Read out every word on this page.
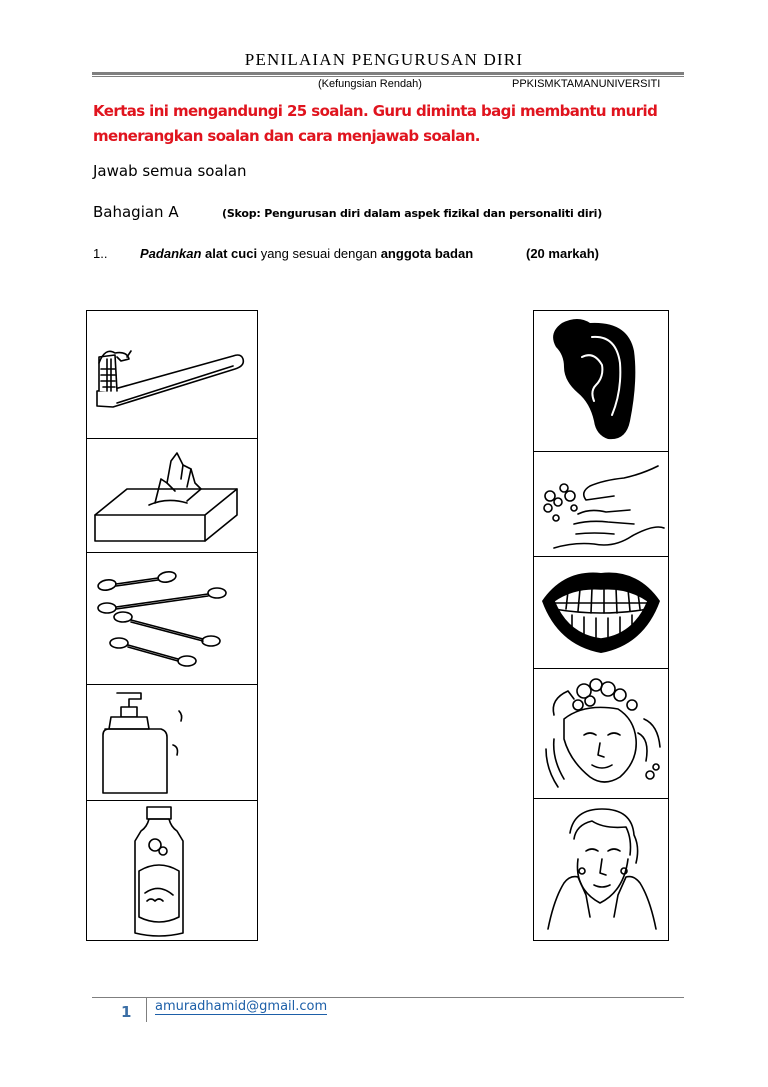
PENILAIAN PENGURUSAN DIRI
(Kefungsian Rendah)	PPKISMKTAMANUNIVERSITI
Kertas ini mengandungi 25 soalan. Guru diminta bagi membantu murid
menerangkan soalan dan cara menjawab soalan.
Jawab semua soalan
Bahagian A	(Skop: Pengurusan diri dalam aspek fizikal dan personaliti diri)
1..	Padankan alat cuci yang sesuai dengan anggota badan	(20 markah)
1 amuradhamid@gmail.com
